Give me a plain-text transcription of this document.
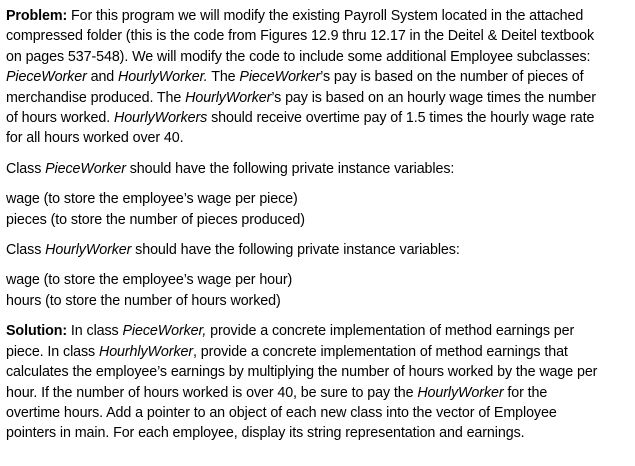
Problem: For this program we will modify the existing Payroll System located in the attached
compressed folder (this is the code from Figures 12.9 thru 12.17 in the Deitel & Deitel textbook
on pages 537-548). We will modify the code to include some additional Employee subclasses:
PieceWorker and HourlyWorker. The PieceWorker’s pay is based on the number of pieces of
merchandise produced. The HourlyWorker’s pay is based on an hourly wage times the number
of hours worked. HourlyWorkers should receive overtime pay of 1.5 times the hourly wage rate
for all hours worked over 40.
Class PieceWorker should have the following private instance variables:
wage (to store the employee’s wage per piece)
pieces (to store the number of pieces produced)
Class HourlyWorker should have the following private instance variables:
wage (to store the employee’s wage per hour)
hours (to store the number of hours worked)
Solution: In class PieceWorker, provide a concrete implementation of method earnings per
piece. In class HourhlyWorker, provide a concrete implementation of method earnings that
calculates the employee’s earnings by multiplying the number of hours worked by the wage per
hour. If the number of hours worked is over 40, be sure to pay the HourlyWorker for the
overtime hours. Add a pointer to an object of each new class into the vector of Employee
pointers in main. For each employee, display its string representation and earnings.
